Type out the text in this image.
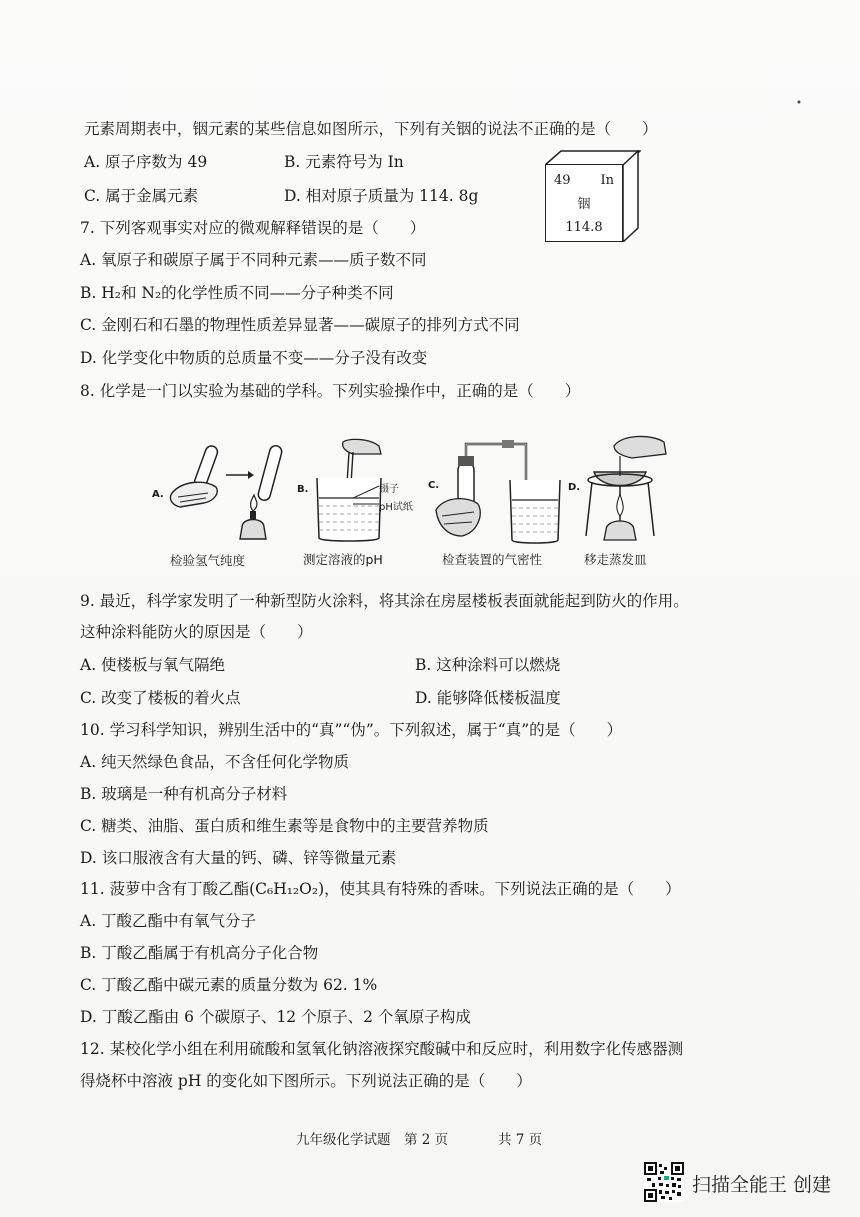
元素周期表中，铟元素的某些信息如图所示，下列有关铟的说法不正确的是（　　）
A. 原子序数为 49	B. 元素符号为 In
C. 属于金属元素	D. 相对原子质量为 114. 8g
49 In
铟
114.8
7. 下列客观事实对应的微观解释错误的是（　　）
A. 氧原子和碳原子属于不同种元素——质子数不同
B. H₂和 N₂的化学性质不同——分子种类不同
C. 金刚石和石墨的物理性质差异显著——碳原子的排列方式不同
D. 化学变化中物质的总质量不变——分子没有改变
8. 化学是一门以实验为基础的学科。下列实验操作中，正确的是（　　）
A.
检验氢气纯度
B.	镊子
pH试纸
测定溶液的pH
C.
检查装置的气密性
D.
移走蒸发皿
9. 最近，科学家发明了一种新型防火涂料，将其涂在房屋楼板表面就能起到防火的作用。
这种涂料能防火的原因是（　　）
A. 使楼板与氧气隔绝	B. 这种涂料可以燃烧
C. 改变了楼板的着火点	D. 能够降低楼板温度
10. 学习科学知识，辨别生活中的“真”“伪”。下列叙述，属于“真”的是（　　）
A. 纯天然绿色食品，不含任何化学物质
B. 玻璃是一种有机高分子材料
C. 糖类、油脂、蛋白质和维生素等是食物中的主要营养物质
D. 该口服液含有大量的钙、磷、锌等微量元素
11. 菠萝中含有丁酸乙酯(C₆H₁₂O₂)，使其具有特殊的香味。下列说法正确的是（　　）
A. 丁酸乙酯中有氧气分子
B. 丁酸乙酯属于有机高分子化合物
C. 丁酸乙酯中碳元素的质量分数为 62. 1%
D. 丁酸乙酯由 6 个碳原子、12 个原子、2 个氧原子构成
12. 某校化学小组在利用硫酸和氢氧化钠溶液探究酸碱中和反应时，利用数字化传感器测
得烧杯中溶液 pH 的变化如下图所示。下列说法正确的是（　　）
九年级化学试题 第 2 页	共 7 页
扫描全能王 创建
